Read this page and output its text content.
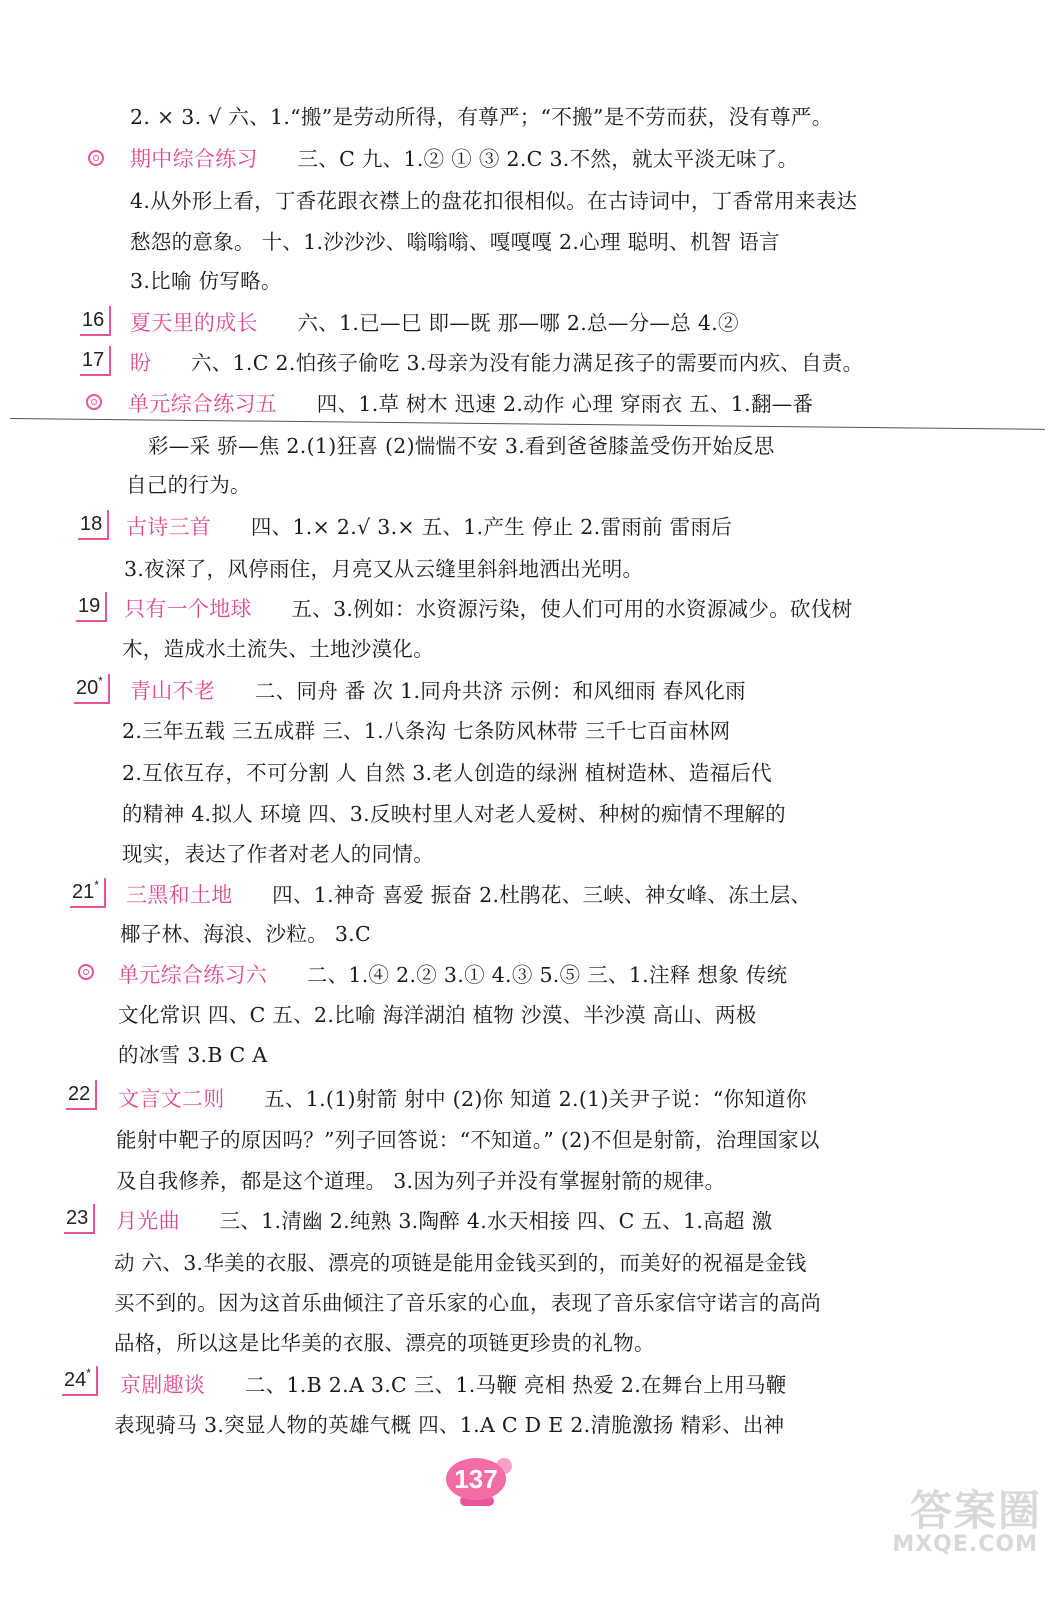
2. × 3. √ 六、1.“搬”是劳动所得，有尊严；“不搬”是不劳而获，没有尊严。
期中综合练习 三、C 九、1.② ① ③ 2.C 3.不然，就太平淡无味了。
4.从外形上看，丁香花跟衣襟上的盘花扣很相似。在古诗词中，丁香常用来表达
愁怨的意象。 十、1.沙沙沙、嗡嗡嗡、嘎嘎嘎 2.心理 聪明、机智 语言
3.比喻 仿写略。
16	夏天里的成长 六、1.已—巳 即—既 那—哪 2.总—分—总 4.②
17	盼 六、1.C 2.怕孩子偷吃 3.母亲为没有能力满足孩子的需要而内疚、自责。
单元综合练习五 四、1.草 树木 迅速 2.动作 心理 穿雨衣 五、1.翻—番
彩—采 骄—焦 2.(1)狂喜 (2)惴惴不安 3.看到爸爸膝盖受伤开始反思
自己的行为。
18	古诗三首 四、1.× 2.√ 3.× 五、1.产生 停止 2.雷雨前 雷雨后
3.夜深了，风停雨住，月亮又从云缝里斜斜地洒出光明。
19	只有一个地球 五、3.例如：水资源污染，使人们可用的水资源减少。砍伐树
木，造成水土流失、土地沙漠化。
20*	青山不老 二、同舟 番 次 1.同舟共济 示例：和风细雨 春风化雨
2.三年五载 三五成群 三、1.八条沟 七条防风林带 三千七百亩林网
2.互依互存，不可分割 人 自然 3.老人创造的绿洲 植树造林、造福后代
的精神 4.拟人 环境 四、3.反映村里人对老人爱树、种树的痴情不理解的
现实，表达了作者对老人的同情。
21*	三黑和土地 四、1.神奇 喜爱 振奋 2.杜鹃花、三峡、神女峰、冻土层、
椰子林、海浪、沙粒。 3.C
单元综合练习六 二、1.④ 2.② 3.① 4.③ 5.⑤ 三、1.注释 想象 传统
文化常识 四、C 五、2.比喻 海洋湖泊 植物 沙漠、半沙漠 高山、两极
的冰雪 3.B C A
22	文言文二则 五、1.(1)射箭 射中 (2)你 知道 2.(1)关尹子说：“你知道你
能射中靶子的原因吗？”列子回答说：“不知道。” (2)不但是射箭，治理国家以
及自我修养，都是这个道理。 3.因为列子并没有掌握射箭的规律。
23	月光曲 三、1.清幽 2.纯熟 3.陶醉 4.水天相接 四、C 五、1.高超 激
动 六、3.华美的衣服、漂亮的项链是能用金钱买到的，而美好的祝福是金钱
买不到的。因为这首乐曲倾注了音乐家的心血，表现了音乐家信守诺言的高尚
品格，所以这是比华美的衣服、漂亮的项链更珍贵的礼物。
24*	京剧趣谈 二、1.B 2.A 3.C 三、1.马鞭 亮相 热爱 2.在舞台上用马鞭
表现骑马 3.突显人物的英雄气概 四、1.A C D E 2.清脆激扬 精彩、出神
137
答案圈
MXQE.COM
